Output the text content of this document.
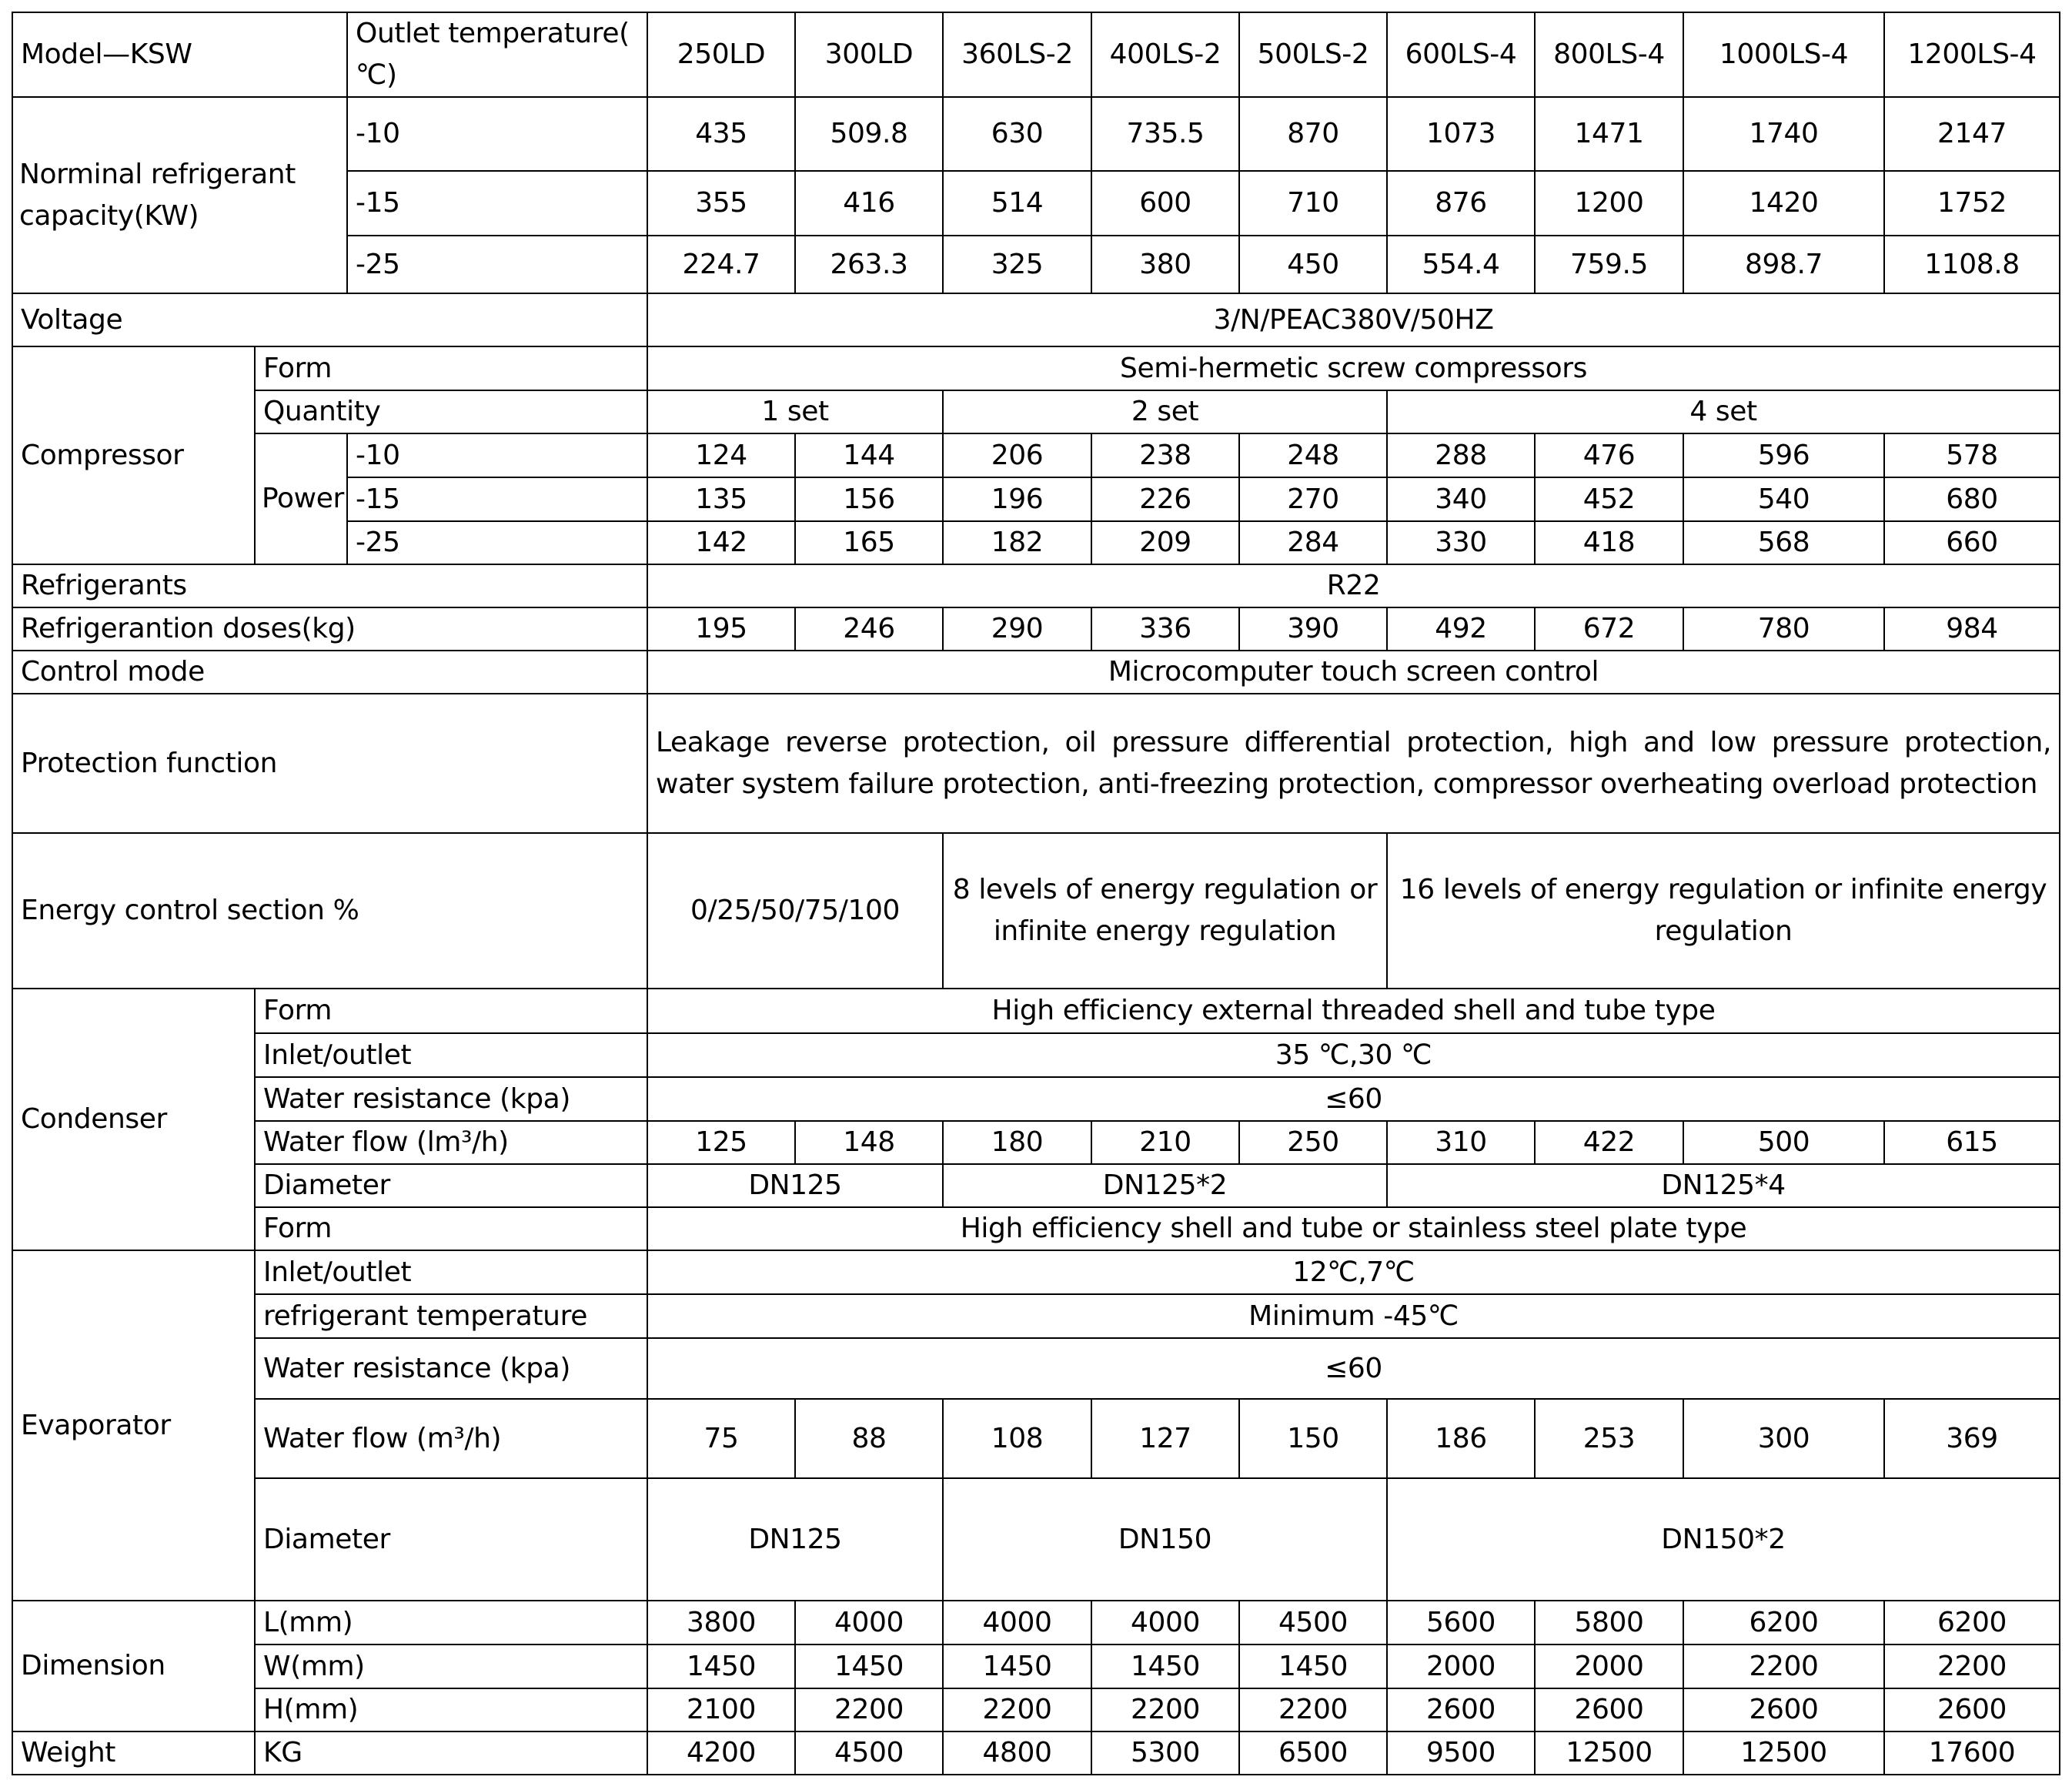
Model—KSW		Outlet temperature( ℃)	250LD	300LD	360LS-2	400LS-2	500LS-2	600LS-4	800LS-4	1000LS-4	1200LS-4
Norminal refrigerant capacity(KW)		-10	435	509.8	630	735.5	870	1073	1471	1740	2147
		-15	355	416	514	600	710	876	1200	1420	1752
		-25	224.7	263.3	325	380	450	554.4	759.5	898.7	1108.8
Voltage			3/N/PEAC380V/50HZ								
Compressor	Form		Semi-hermetic screw compressors								
	Quantity		1 set		2 set			4 set			
	Power	-10	124	144	206	238	248	288	476	596	578
		-15	135	156	196	226	270	340	452	540	680
		-25	142	165	182	209	284	330	418	568	660
Refrigerants			R22								
Refrigerantion doses(kg)			195	246	290	336	390	492	672	780	984
Control mode			Microcomputer touch screen control								
Protection function			Leakage reverse protection, oil pressure differential protection, high and low pressure protection, water system failure protection, anti-freezing protection, compressor overheating overload protection								
Energy control section %			0/25/50/75/100		8 levels of energy regulation or infinite energy regulation			16 levels of energy regulation or infinite energy regulation			
Condenser	Form		High efficiency external threaded shell and tube type								
	Inlet/outlet		35 ℃,30 ℃								
	Water resistance (kpa)		≤60								
	Water flow (lm³/h)		125	148	180	210	250	310	422	500	615
	Diameter		DN125		DN125*2			DN125*4			
	Form		High efficiency shell and tube or stainless steel plate type								
Evaporator	Inlet/outlet		12℃,7℃								
	refrigerant temperature		Minimum -45℃								
	Water resistance (kpa)		≤60								
	Water flow (m³/h)		75	88	108	127	150	186	253	300	369
	Diameter		DN125		DN150			DN150*2			
Dimension	L(mm)		3800	4000	4000	4000	4500	5600	5800	6200	6200
	W(mm)		1450	1450	1450	1450	1450	2000	2000	2200	2200
	H(mm)		2100	2200	2200	2200	2200	2600	2600	2600	2600
Weight	KG		4200	4500	4800	5300	6500	9500	12500	12500	17600
